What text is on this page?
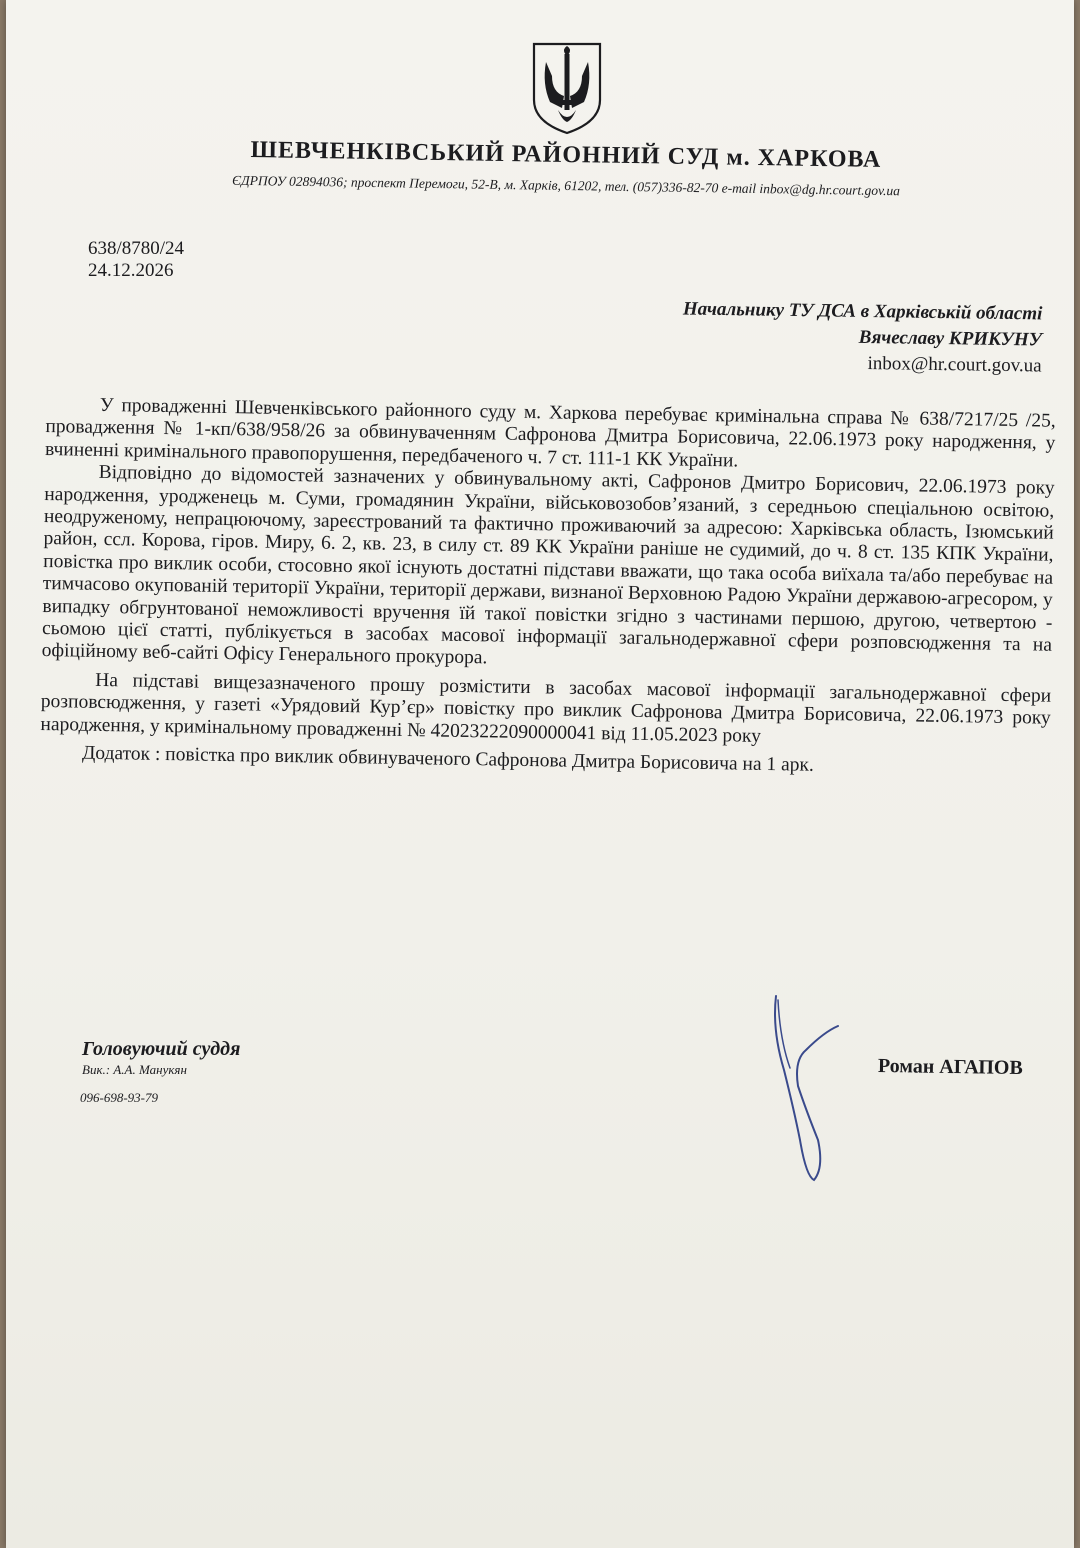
ШЕВЧЕНКІВСЬКИЙ РАЙОННИЙ СУД м. ХАРКОВА
ЄДРПОУ 02894036; проспект Перемоги, 52-В, м. Харків, 61202, тел. (057)336-82-70 e-mail inbox@dg.hr.court.gov.ua
638/8780/24
24.12.2026
Начальнику ТУ ДСА в Харківській області
Вячеславу КРИКУНУ
inbox@hr.court.gov.ua

У провадженні Шевченківського районного суду м. Харкова перебуває кримінальна справа № 638/7217/25 /25, провадження № 1-кп/638/958/26 за обвинуваченням Сафронова Дмитра Борисовича, 22.06.1973 року народження, у вчиненні кримінального правопорушення, передбаченого ч. 7 ст. 111-1 КК України.

Відповідно до відомостей зазначених у обвинувальному акті, Сафронов Дмитро Борисович, 22.06.1973 року народження, уродженець м. Суми, громадянин України, військовозобов’язаний, з середньою спеціальною освітою, неодруженому, непрацюючому, зареєстрований та фактично проживаючий за адресою: Харківська область, Ізюмський район, ссл. Корова, гіров. Миру, 6. 2, кв. 23, в силу ст. 89 КК України раніше не судимий, до ч. 8 ст. 135 КПК України, повістка про виклик особи, стосовно якої існують достатні підстави вважати, що така особа виїхала та/або перебуває на тимчасово окупованій території України, території держави, визнаної Верховною Радою України державою-агресором, у випадку обгрунтованої неможливості вручення їй такої повістки згідно з частинами першою, другою, четвертою - сьомою цієї статті, публікується в засобах масової інформації загальнодержавної сфери розповсюдження та на офіційному веб-сайті Офісу Генерального прокурора.

На підставі вищезазначеного прошу розмістити в засобах масової інформації загальнодержавної сфери розповсюдження, у газеті «Урядовий Кур’єр» повістку про виклик Сафронова Дмитра Борисовича, 22.06.1973 року народження, у кримінальному провадженні № 42023222090000041 від 11.05.2023 року

Додаток : повістка про виклик обвинуваченого Сафронова Дмитра Борисовича на 1 арк.

Головуючий суддя
Вик.: А.А. Манукян
096-698-93-79
Роман АГАПОВ
